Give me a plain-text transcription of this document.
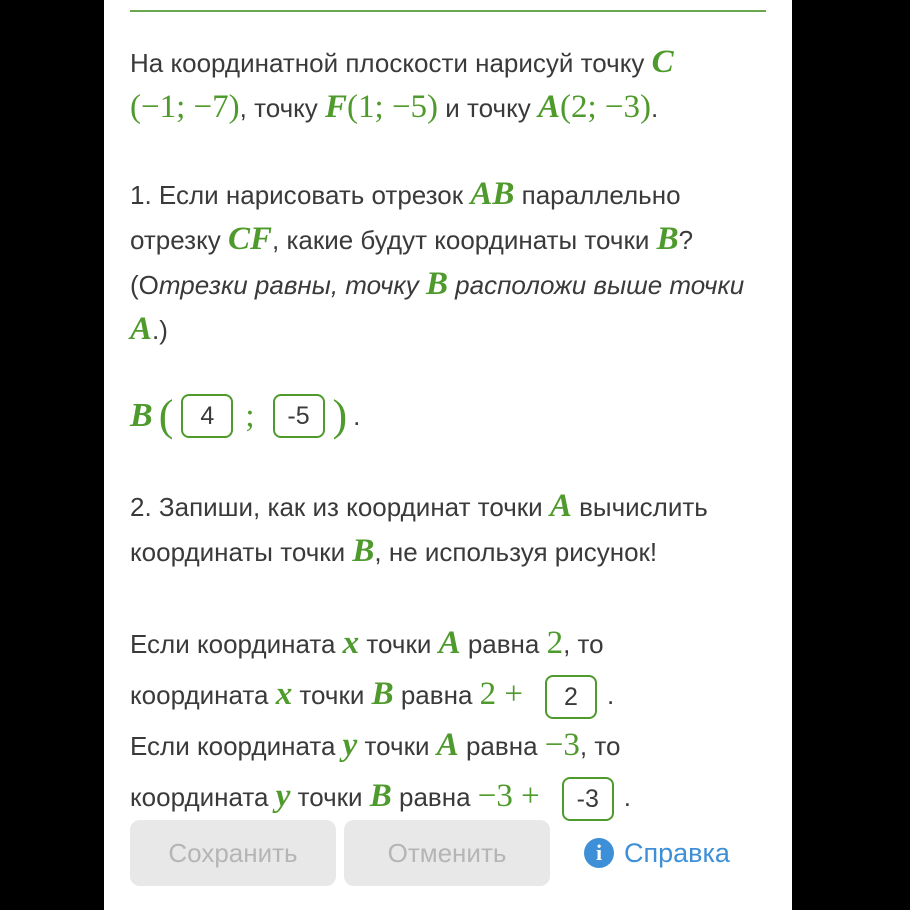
На координатной плоскости нарисуй точку C
(−1; −7), точку F(1; −5) и точку A(2; −3).

1. Если нарисовать отрезок AB параллельно отрезку CF, какие будут координаты точки B?
(Отрезки равны, точку B расположи выше точки A.)

B (	4 ;	-5 ) .

2. Запиши, как из координат точки A вычислить координаты точки B, не используя рисунок!

Если координата x точки A равна 2, то
координата x точки B равна 2 + 2 .
Если координата y точки A равна −3, то
координата y точки B равна −3 + -3 .
Сохранить	Отменить	i Справка
